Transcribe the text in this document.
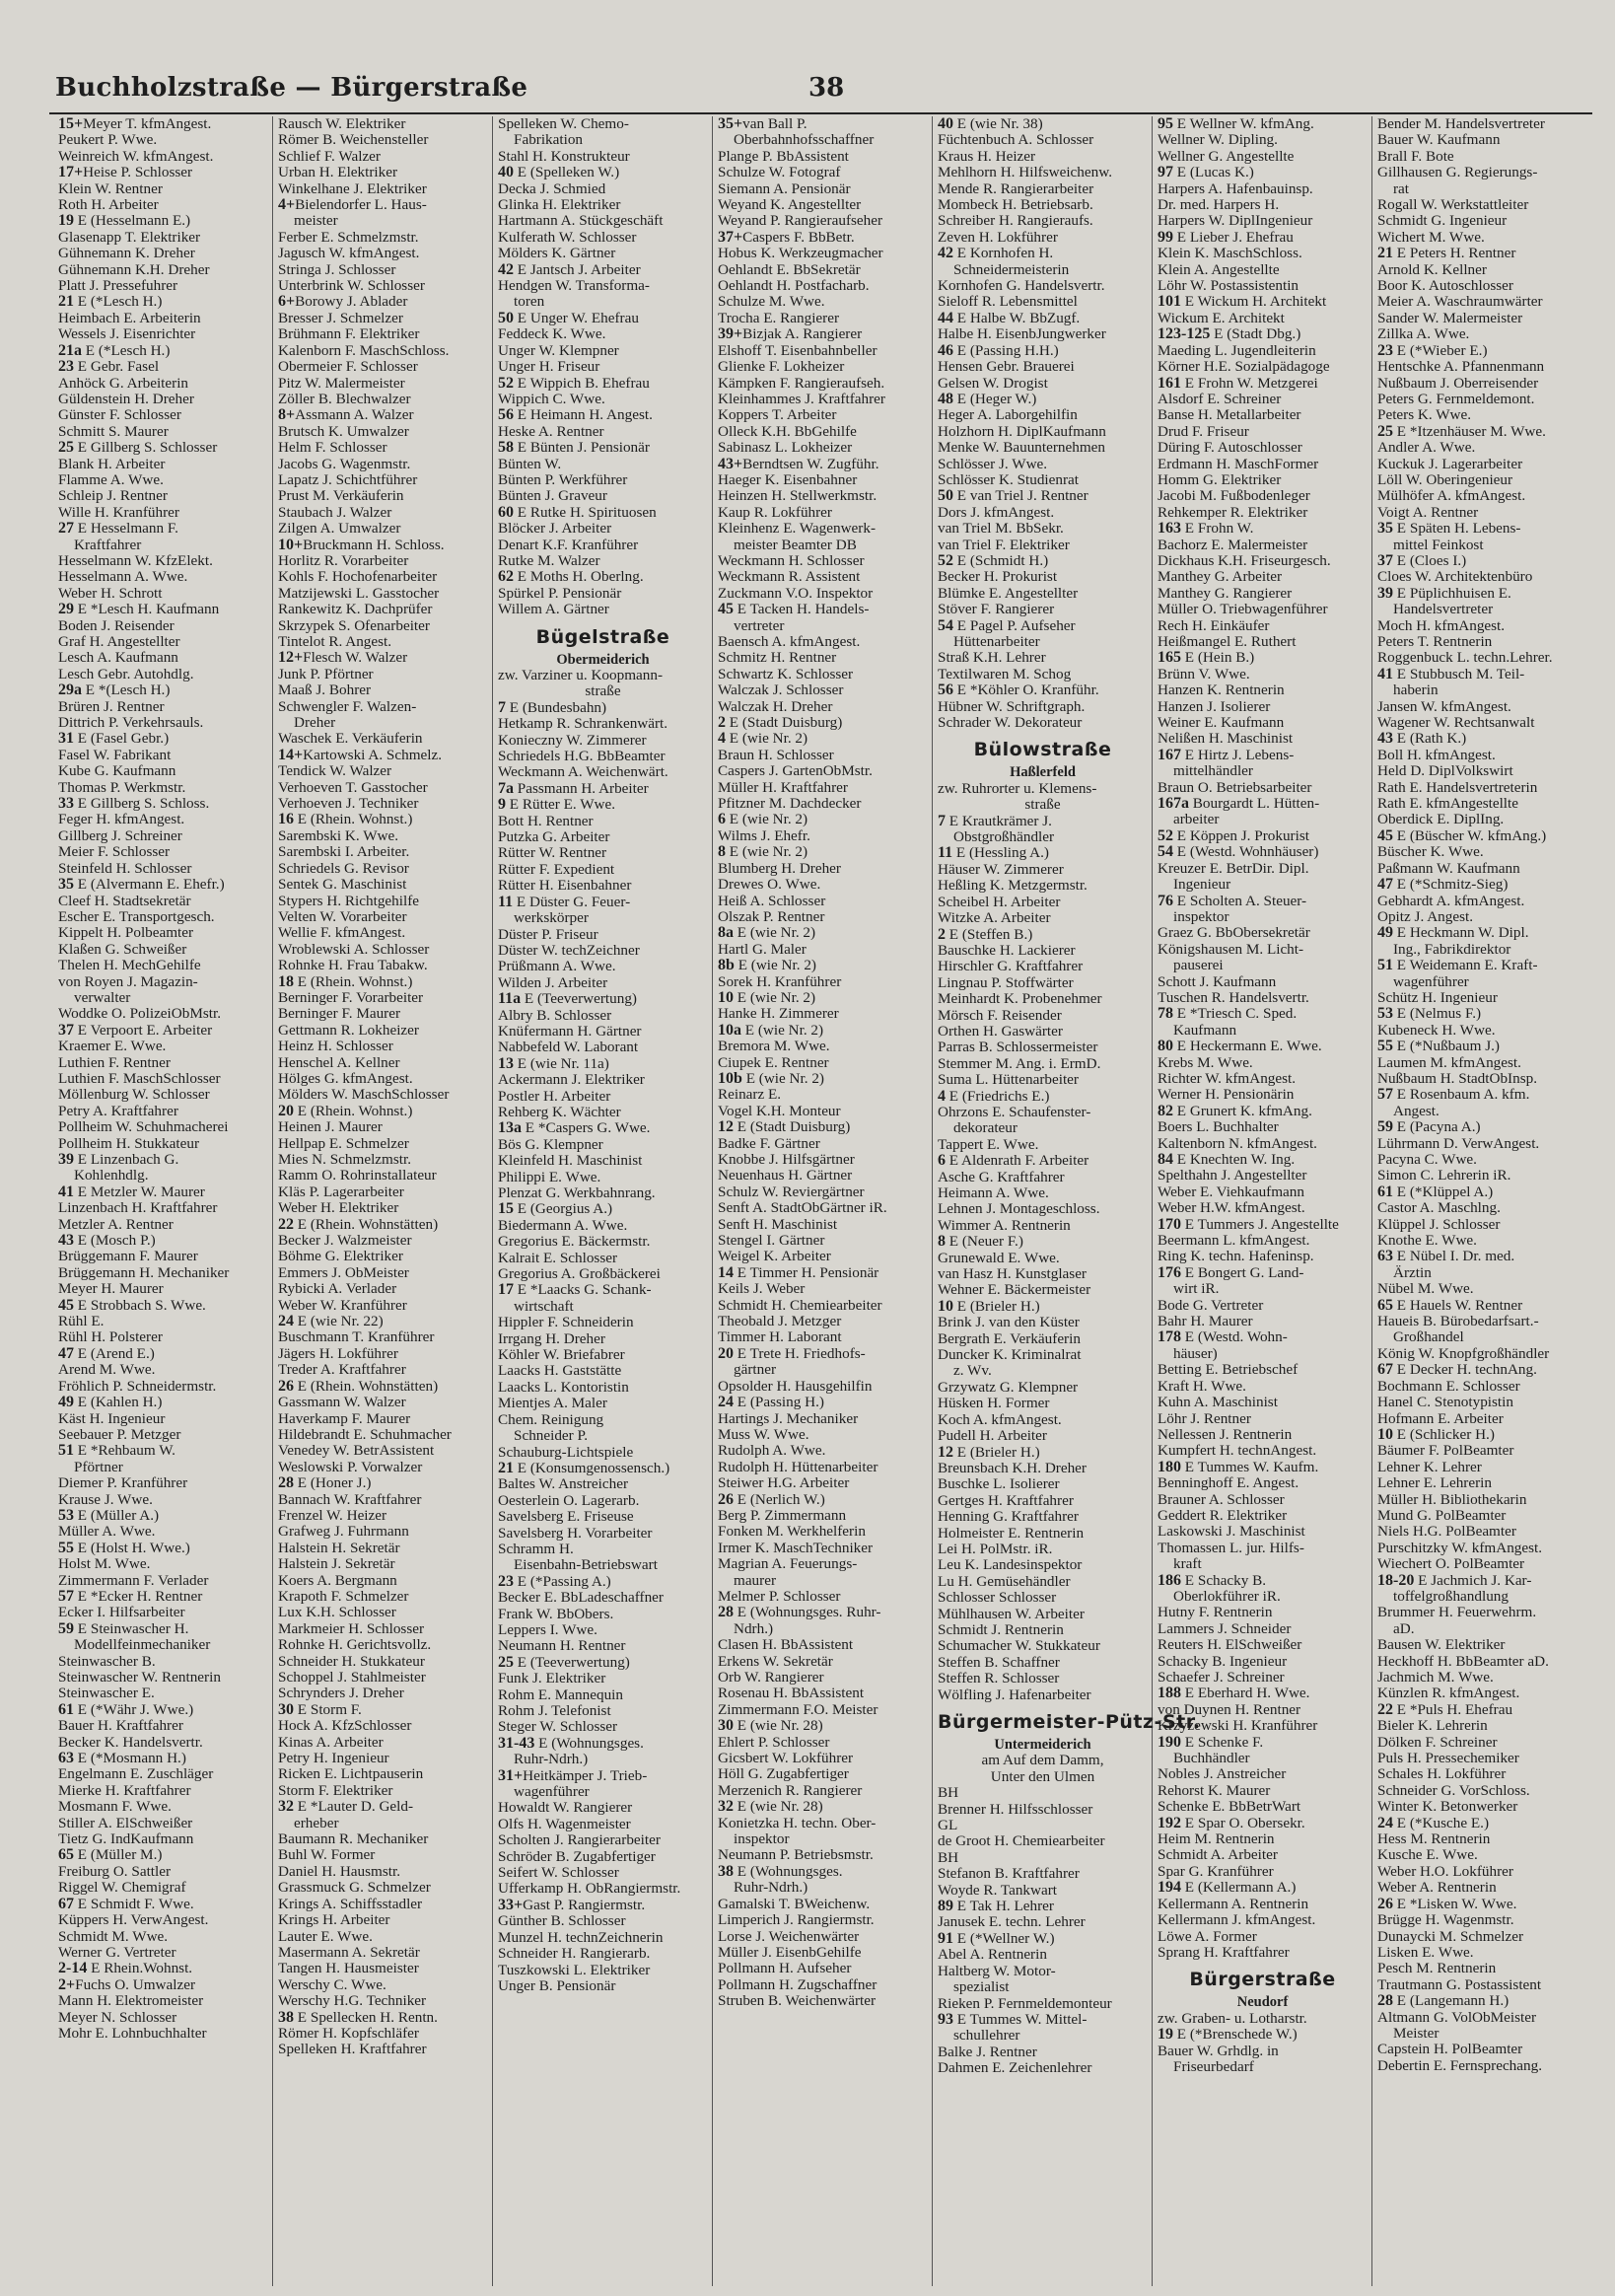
Buchholzstraße — Bürgerstraße	38
15+Meyer T. kfmAngest.
Peukert P. Wwe.
Weinreich W. kfmAngest.
17+Heise P. Schlosser
Klein W. Rentner
Roth H. Arbeiter
19 E (Hesselmann E.)
Glasenapp T. Elektriker
Gühnemann K. Dreher
Gühnemann K.H. Dreher
Platt J. Pressefuhrer
21 E (*Lesch H.)
Heimbach E. Arbeiterin
Wessels J. Eisenrichter
21a E (*Lesch H.)
23 E Gebr. Fasel
Anhöck G. Arbeiterin
Güldenstein H. Dreher
Günster F. Schlosser
Schmitt S. Maurer
25 E Gillberg S. Schlosser
Blank H. Arbeiter
Flamme A. Wwe.
Schleip J. Rentner
Wille H. Kranführer
27 E Hesselmann F.
Kraftfahrer
Hesselmann W. KfzElekt.
Hesselmann A. Wwe.
Weber H. Schrott
29 E *Lesch H. Kaufmann
Boden J. Reisender
Graf H. Angestellter
Lesch A. Kaufmann
Lesch Gebr. Autohdlg.
29a E *(Lesch H.)
Brüren J. Rentner
Dittrich P. Verkehrsauls.
31 E (Fasel Gebr.)
Fasel W. Fabrikant
Kube G. Kaufmann
Thomas P. Werkmstr.
33 E Gillberg S. Schloss.
Feger H. kfmAngest.
Gillberg J. Schreiner
Meier F. Schlosser
Steinfeld H. Schlosser
35 E (Alvermann E. Ehefr.)
Cleef H. Stadtsekretär
Escher E. Transportgesch.
Kippelt H. Polbeamter
Klaßen G. Schweißer
Thelen H. MechGehilfe
von Royen J. Magazin-
verwalter
Woddke O. PolizeiObMstr.
37 E Verpoort E. Arbeiter
Kraemer E. Wwe.
Luthien F. Rentner
Luthien F. MaschSchlosser
Möllenburg W. Schlosser
Petry A. Kraftfahrer
Pollheim W. Schuhmacherei
Pollheim H. Stukkateur
39 E Linzenbach G.
Kohlenhdlg.
41 E Metzler W. Maurer
Linzenbach H. Kraftfahrer
Metzler A. Rentner
43 E (Mosch P.)
Brüggemann F. Maurer
Brüggemann H. Mechaniker
Meyer H. Maurer
45 E Strobbach S. Wwe.
Rühl E.
Rühl H. Polsterer
47 E (Arend E.)
Arend M. Wwe.
Fröhlich P. Schneidermstr.
49 E (Kahlen H.)
Käst H. Ingenieur
Seebauer P. Metzger
51 E *Rehbaum W.
Pförtner
Diemer P. Kranführer
Krause J. Wwe.
53 E (Müller A.)
Müller A. Wwe.
55 E (Holst H. Wwe.)
Holst M. Wwe.
Zimmermann F. Verlader
57 E *Ecker H. Rentner
Ecker I. Hilfsarbeiter
59 E Steinwascher H.
Modellfeinmechaniker
Steinwascher B.
Steinwascher W. Rentnerin
Steinwascher E.
61 E (*Währ J. Wwe.)
Bauer H. Kraftfahrer
Becker K. Handelsvertr.
63 E (*Mosmann H.)
Engelmann E. Zuschläger
Mierke H. Kraftfahrer
Mosmann F. Wwe.
Stiller A. ElSchweißer
Tietz G. IndKaufmann
65 E (Müller M.)
Freiburg O. Sattler
Riggel W. Chemigraf
67 E Schmidt F. Wwe.
Küppers H. VerwAngest.
Schmidt M. Wwe.
Werner G. Vertreter
2-14 E Rhein.Wohnst.
2+Fuchs O. Umwalzer
Mann H. Elektromeister
Meyer N. Schlosser
Mohr E. Lohnbuchhalter
Rausch W. Elektriker
Römer B. Weichensteller
Schlief F. Walzer
Urban H. Elektriker
Winkelhane J. Elektriker
4+Bielendorfer L. Haus-
meister
Ferber E. Schmelzmstr.
Jagusch W. kfmAngest.
Stringa J. Schlosser
Unterbrink W. Schlosser
6+Borowy J. Ablader
Bresser J. Schmelzer
Brühmann F. Elektriker
Kalenborn F. MaschSchloss.
Obermeier F. Schlosser
Pitz W. Malermeister
Zöller B. Blechwalzer
8+Assmann A. Walzer
Brutsch K. Umwalzer
Helm F. Schlosser
Jacobs G. Wagenmstr.
Lapatz J. Schichtführer
Prust M. Verkäuferin
Staubach J. Walzer
Zilgen A. Umwalzer
10+Bruckmann H. Schloss.
Horlitz R. Vorarbeiter
Kohls F. Hochofenarbeiter
Matzijewski L. Gasstocher
Rankewitz K. Dachprüfer
Skrzypek S. Ofenarbeiter
Tintelot R. Angest.
12+Flesch W. Walzer
Junk P. Pförtner
Maaß J. Bohrer
Schwengler F. Walzen-
Dreher
Waschek E. Verkäuferin
14+Kartowski A. Schmelz.
Tendick W. Walzer
Verhoeven T. Gasstocher
Verhoeven J. Techniker
16 E (Rhein. Wohnst.)
Sarembski K. Wwe.
Sarembski I. Arbeiter.
Schriedels G. Revisor
Sentek G. Maschinist
Stypers H. Richtgehilfe
Velten W. Vorarbeiter
Wellie F. kfmAngest.
Wroblewski A. Schlosser
Rohnke H. Frau Tabakw.
18 E (Rhein. Wohnst.)
Berninger F. Vorarbeiter
Berninger F. Maurer
Gettmann R. Lokheizer
Heinz H. Schlosser
Henschel A. Kellner
Hölges G. kfmAngest.
Mölders W. MaschSchlosser
20 E (Rhein. Wohnst.)
Heinen J. Maurer
Hellpap E. Schmelzer
Mies N. Schmelzmstr.
Ramm O. Rohrinstallateur
Kläs P. Lagerarbeiter
Weber H. Elektriker
22 E (Rhein. Wohnstätten)
Becker J. Walzmeister
Böhme G. Elektriker
Emmers J. ObMeister
Rybicki A. Verlader
Weber W. Kranführer
24 E (wie Nr. 22)
Buschmann T. Kranführer
Jägers H. Lokführer
Treder A. Kraftfahrer
26 E (Rhein. Wohnstätten)
Gassmann W. Walzer
Haverkamp F. Maurer
Hildebrandt E. Schuhmacher
Venedey W. BetrAssistent
Weslowski P. Vorwalzer
28 E (Honer J.)
Bannach W. Kraftfahrer
Frenzel W. Heizer
Grafweg J. Fuhrmann
Halstein H. Sekretär
Halstein J. Sekretär
Koers A. Bergmann
Krapoth F. Schmelzer
Lux K.H. Schlosser
Markmeier H. Schlosser
Rohnke H. Gerichtsvollz.
Schneider H. Stukkateur
Schoppel J. Stahlmeister
Schrynders J. Dreher
30 E Storm F.
Hock A. KfzSchlosser
Kinas A. Arbeiter
Petry H. Ingenieur
Ricken E. Lichtpauserin
Storm F. Elektriker
32 E *Lauter D. Geld-
erheber
Baumann R. Mechaniker
Buhl W. Former
Daniel H. Hausmstr.
Grassmuck G. Schmelzer
Krings A. Schiffsstadler
Krings H. Arbeiter
Lauter E. Wwe.
Masermann A. Sekretär
Tangen H. Hausmeister
Werschy C. Wwe.
Werschy H.G. Techniker
38 E Spellecken H. Rentn.
Römer H. Kopfschläfer
Spelleken H. Kraftfahrer
Spelleken W. Chemo-
Fabrikation
Stahl H. Konstrukteur
40 E (Spelleken W.)
Decka J. Schmied
Glinka H. Elektriker
Hartmann A. Stückgeschäft
Kulferath W. Schlosser
Mölders K. Gärtner
42 E Jantsch J. Arbeiter
Hendgen W. Transforma-
toren
50 E Unger W. Ehefrau
Feddeck K. Wwe.
Unger W. Klempner
Unger H. Friseur
52 E Wippich B. Ehefrau
Wippich C. Wwe.
56 E Heimann H. Angest.
Heske A. Rentner
58 E Bünten J. Pensionär
Bünten W.
Bünten P. Werkführer
Bünten J. Graveur
60 E Rutke H. Spirituosen
Blöcker J. Arbeiter
Denart K.F. Kranführer
Rutke M. Walzer
62 E Moths H. Oberlng.
Spürkel P. Pensionär
Willem A. Gärtner
Bügelstraße
Obermeiderich
zw. Varziner u. Koopmann-
straße
7 E (Bundesbahn)
Hetkamp R. Schrankenwärt.
Konieczny W. Zimmerer
Schriedels H.G. BbBeamter
Weckmann A. Weichenwärt.
7a Passmann H. Arbeiter
9 E Rütter E. Wwe.
Bott H. Rentner
Putzka G. Arbeiter
Rütter W. Rentner
Rütter F. Expedient
Rütter H. Eisenbahner
11 E Düster G. Feuer-
werkskörper
Düster P. Friseur
Düster W. techZeichner
Prüßmann A. Wwe.
Wilden J. Arbeiter
11a E (Teeverwertung)
Albry B. Schlosser
Knüfermann H. Gärtner
Nabbefeld W. Laborant
13 E (wie Nr. 11a)
Ackermann J. Elektriker
Postler H. Arbeiter
Rehberg K. Wächter
13a E *Caspers G. Wwe.
Bös G. Klempner
Kleinfeld H. Maschinist
Philippi E. Wwe.
Plenzat G. Werkbahnrang.
15 E (Georgius A.)
Biedermann A. Wwe.
Gregorius E. Bäckermstr.
Kalrait E. Schlosser
Gregorius A. Großbäckerei
17 E *Laacks G. Schank-
wirtschaft
Hippler F. Schneiderin
Irrgang H. Dreher
Köhler W. Briefabrer
Laacks H. Gaststätte
Laacks L. Kontoristin
Mientjes A. Maler
Chem. Reinigung
Schneider P.
Schauburg-Lichtspiele
21 E (Konsumgenossensch.)
Baltes W. Anstreicher
Oesterlein O. Lagerarb.
Savelsberg E. Friseuse
Savelsberg H. Vorarbeiter
Schramm H.
Eisenbahn-Betriebswart
23 E (*Passing A.)
Becker E. BbLadeschaffner
Frank W. BbObers.
Leppers I. Wwe.
Neumann H. Rentner
25 E (Teeverwertung)
Funk J. Elektriker
Rohm E. Mannequin
Rohm J. Telefonist
Steger W. Schlosser
31-43 E (Wohnungsges.
Ruhr-Ndrh.)
31+Heitkämper J. Trieb-
wagenführer
Howaldt W. Rangierer
Olfs H. Wagenmeister
Scholten J. Rangierarbeiter
Schröder B. Zugabfertiger
Seifert W. Schlosser
Ufferkamp H. ObRangiermstr.
33+Gast P. Rangiermstr.
Günther B. Schlosser
Munzel H. technZeichnerin
Schneider H. Rangierarb.
Tuszkowski L. Elektriker
Unger B. Pensionär
35+van Ball P.
Oberbahnhofsschaffner
Plange P. BbAssistent
Schulze W. Fotograf
Siemann A. Pensionär
Weyand K. Angestellter
Weyand P. Rangieraufseher
37+Caspers F. BbBetr.
Hobus K. Werkzeugmacher
Oehlandt E. BbSekretär
Oehlandt H. Postfacharb.
Schulze M. Wwe.
Trocha E. Rangierer
39+Bizjak A. Rangierer
Elshoff T. Eisenbahnbeller
Glienke F. Lokheizer
Kämpken F. Rangieraufseh.
Kleinhammes J. Kraftfahrer
Koppers T. Arbeiter
Olleck K.H. BbGehilfe
Sabinasz L. Lokheizer
43+Berndtsen W. Zugführ.
Haeger K. Eisenbahner
Heinzen H. Stellwerkmstr.
Kaup R. Lokführer
Kleinhenz E. Wagenwerk-
meister Beamter DB
Weckmann H. Schlosser
Weckmann R. Assistent
Zuckmann V.O. Inspektor
45 E Tacken H. Handels-
vertreter
Baensch A. kfmAngest.
Schmitz H. Rentner
Schwartz K. Schlosser
Walczak J. Schlosser
Walczak H. Dreher
2 E (Stadt Duisburg)
4 E (wie Nr. 2)
Braun H. Schlosser
Caspers J. GartenObMstr.
Müller H. Kraftfahrer
Pfitzner M. Dachdecker
6 E (wie Nr. 2)
Wilms J. Ehefr.
8 E (wie Nr. 2)
Blumberg H. Dreher
Drewes O. Wwe.
Heiß A. Schlosser
Olszak P. Rentner
8a E (wie Nr. 2)
Hartl G. Maler
8b E (wie Nr. 2)
Sorek H. Kranführer
10 E (wie Nr. 2)
Hanke H. Zimmerer
10a E (wie Nr. 2)
Bremora M. Wwe.
Ciupek E. Rentner
10b E (wie Nr. 2)
Reinarz E.
Vogel K.H. Monteur
12 E (Stadt Duisburg)
Badke F. Gärtner
Knobbe J. Hilfsgärtner
Neuenhaus H. Gärtner
Schulz W. Reviergärtner
Senft A. StadtObGärtner iR.
Senft H. Maschinist
Stengel I. Gärtner
Weigel K. Arbeiter
14 E Timmer H. Pensionär
Keils J. Weber
Schmidt H. Chemiearbeiter
Theobald J. Metzger
Timmer H. Laborant
20 E Trete H. Friedhofs-
gärtner
Opsolder H. Hausgehilfin
24 E (Passing H.)
Hartings J. Mechaniker
Muss W. Wwe.
Rudolph A. Wwe.
Rudolph H. Hüttenarbeiter
Steiwer H.G. Arbeiter
26 E (Nerlich W.)
Berg P. Zimmermann
Fonken M. Werkhelferin
Irmer K. MaschTechniker
Magrian A. Feuerungs-
maurer
Melmer P. Schlosser
28 E (Wohnungsges. Ruhr-
Ndrh.)
Clasen H. BbAssistent
Erkens W. Sekretär
Orb W. Rangierer
Rosenau H. BbAssistent
Zimmermann F.O. Meister
30 E (wie Nr. 28)
Ehlert P. Schlosser
Gicsbert W. Lokführer
Höll G. Zugabfertiger
Merzenich R. Rangierer
32 E (wie Nr. 28)
Konietzka H. techn. Ober-
inspektor
Neumann P. Betriebsmstr.
38 E (Wohnungsges.
Ruhr-Ndrh.)
Gamalski T. BWeichenw.
Limperich J. Rangiermstr.
Lorse J. Weichenwärter
Müller J. EisenbGehilfe
Pollmann H. Aufseher
Pollmann H. Zugschaffner
Struben B. Weichenwärter
40 E (wie Nr. 38)
Füchtenbuch A. Schlosser
Kraus H. Heizer
Mehlhorn H. Hilfsweichenw.
Mende R. Rangierarbeiter
Mombeck H. Betriebsarb.
Schreiber H. Rangieraufs.
Zeven H. Lokführer
42 E Kornhofen H.
Schneidermeisterin
Kornhofen G. Handelsvertr.
Sieloff R. Lebensmittel
44 E Halbe W. BbZugf.
Halbe H. EisenbJungwerker
46 E (Passing H.H.)
Hensen Gebr. Brauerei
Gelsen W. Drogist
48 E (Heger W.)
Heger A. Laborgehilfin
Holzhorn H. DiplKaufmann
Menke W. Bauunternehmen
Schlösser J. Wwe.
Schlösser K. Studienrat
50 E van Triel J. Rentner
Dors J. kfmAngest.
van Triel M. BbSekr.
van Triel F. Elektriker
52 E (Schmidt H.)
Becker H. Prokurist
Blümke E. Angestellter
Stöver F. Rangierer
54 E Pagel P. Aufseher
Hüttenarbeiter
Straß K.H. Lehrer
Textilwaren M. Schog
56 E *Köhler O. Kranführ.
Hübner W. Schriftgraph.
Schrader W. Dekorateur
Bülowstraße
Haßlerfeld
zw. Ruhrorter u. Klemens-
straße
7 E Krautkrämer J.
Obstgroßhändler
11 E (Hessling A.)
Häuser W. Zimmerer
Heßling K. Metzgermstr.
Scheibel H. Arbeiter
Witzke A. Arbeiter
2 E (Steffen B.)
Bauschke H. Lackierer
Hirschler G. Kraftfahrer
Lingnau P. Stoffwärter
Meinhardt K. Probenehmer
Mörsch F. Reisender
Orthen H. Gaswärter
Parras B. Schlossermeister
Stemmer M. Ang. i. ErmD.
Suma L. Hüttenarbeiter
4 E (Friedrichs E.)
Ohrzons E. Schaufenster-
dekorateur
Tappert E. Wwe.
6 E Aldenrath F. Arbeiter
Asche G. Kraftfahrer
Heimann A. Wwe.
Lehnen J. Montageschloss.
Wimmer A. Rentnerin
8 E (Neuer F.)
Grunewald E. Wwe.
van Hasz H. Kunstglaser
Wehner E. Bäckermeister
10 E (Brieler H.)
Brink J. van den Küster
Bergrath E. Verkäuferin
Duncker K. Kriminalrat
z. Wv.
Grzywatz G. Klempner
Hüsken H. Former
Koch A. kfmAngest.
Pudell H. Arbeiter
12 E (Brieler H.)
Breunsbach K.H. Dreher
Buschke L. Isolierer
Gertges H. Kraftfahrer
Henning G. Kraftfahrer
Holmeister E. Rentnerin
Lei H. PolMstr. iR.
Leu K. Landesinspektor
Lu H. Gemüsehändler
Schlosser Schlosser
Mühlhausen W. Arbeiter
Schmidt J. Rentnerin
Schumacher W. Stukkateur
Steffen B. Schaffner
Steffen R. Schlosser
Wölfling J. Hafenarbeiter
Bürgermeister-Pütz-Str.
Untermeiderich
am Auf dem Damm,
Unter den Ulmen
BH
Brenner H. Hilfsschlosser
GL
de Groot H. Chemiearbeiter
BH
Stefanon B. Kraftfahrer
Woyde R. Tankwart
89 E Tak H. Lehrer
Janusek E. techn. Lehrer
91 E (*Wellner W.)
Abel A. Rentnerin
Haltberg W. Motor-
spezialist
Rieken P. Fernmeldemonteur
93 E Tummes W. Mittel-
schullehrer
Balke J. Rentner
Dahmen E. Zeichenlehrer
95 E Wellner W. kfmAng.
Wellner W. Dipling.
Wellner G. Angestellte
97 E (Lucas K.)
Harpers A. Hafenbauinsp.
Dr. med. Harpers H.
Harpers W. DiplIngenieur
99 E Lieber J. Ehefrau
Klein K. MaschSchloss.
Klein A. Angestellte
Löhr W. Postassistentin
101 E Wickum H. Architekt
Wickum E. Architekt
123-125 E (Stadt Dbg.)
Maeding L. Jugendleiterin
Körner H.E. Sozialpädagoge
161 E Frohn W. Metzgerei
Alsdorf E. Schreiner
Banse H. Metallarbeiter
Drud F. Friseur
Düring F. Autoschlosser
Erdmann H. MaschFormer
Homm G. Elektriker
Jacobi M. Fußbodenleger
Rehkemper R. Elektriker
163 E Frohn W.
Bachorz E. Malermeister
Dickhaus K.H. Friseurgesch.
Manthey G. Arbeiter
Manthey G. Rangierer
Müller O. Triebwagenführer
Rech H. Einkäufer
Heißmangel E. Ruthert
165 E (Hein B.)
Brünn V. Wwe.
Hanzen K. Rentnerin
Hanzen J. Isolierer
Weiner E. Kaufmann
Nelißen H. Maschinist
167 E Hirtz J. Lebens-
mittelhändler
Braun O. Betriebsarbeiter
167a Bourgardt L. Hütten-
arbeiter
52 E Köppen J. Prokurist
54 E (Westd. Wohnhäuser)
Kreuzer E. BetrDir. Dipl.
Ingenieur
76 E Scholten A. Steuer-
inspektor
Graez G. BbObersekretär
Königshausen M. Licht-
pauserei
Schott J. Kaufmann
Tuschen R. Handelsvertr.
78 E *Triesch C. Sped.
Kaufmann
80 E Heckermann E. Wwe.
Krebs M. Wwe.
Richter W. kfmAngest.
Werner H. Pensionärin
82 E Grunert K. kfmAng.
Boers L. Buchhalter
Kaltenborn N. kfmAngest.
84 E Knechten W. Ing.
Spelthahn J. Angestellter
Weber E. Viehkaufmann
Weber H.W. kfmAngest.
170 E Tummers J. Angestellte
Beermann L. kfmAngest.
Ring K. techn. Hafeninsp.
176 E Bongert G. Land-
wirt iR.
Bode G. Vertreter
Bahr H. Maurer
178 E (Westd. Wohn-
häuser)
Betting E. Betriebschef
Kraft H. Wwe.
Kuhn A. Maschinist
Löhr J. Rentner
Nellessen J. Rentnerin
Kumpfert H. technAngest.
180 E Tummes W. Kaufm.
Benninghoff E. Angest.
Brauner A. Schlosser
Geddert R. Elektriker
Laskowski J. Maschinist
Thomassen L. jur. Hilfs-
kraft
186 E Schacky B.
Oberlokführer iR.
Hutny F. Rentnerin
Lammers J. Schneider
Reuters H. ElSchweißer
Schacky B. Ingenieur
Schaefer J. Schreiner
188 E Eberhard H. Wwe.
von Duynen H. Rentner
Krzyzewski H. Kranführer
190 E Schenke F.
Buchhändler
Nobles J. Anstreicher
Rehorst K. Maurer
Schenke E. BbBetrWart
192 E Spar O. Obersekr.
Heim M. Rentnerin
Schmidt A. Arbeiter
Spar G. Kranführer
194 E (Kellermann A.)
Kellermann A. Rentnerin
Kellermann J. kfmAngest.
Löwe A. Former
Sprang H. Kraftfahrer
Bürgerstraße
Neudorf
zw. Graben- u. Lotharstr.
19 E (*Brenschede W.)
Bauer W. Grhdlg. in
Friseurbedarf
Bender M. Handelsvertreter
Bauer W. Kaufmann
Brall F. Bote
Gillhausen G. Regierungs-
rat
Rogall W. Werkstattleiter
Schmidt G. Ingenieur
Wichert M. Wwe.
21 E Peters H. Rentner
Arnold K. Kellner
Boor K. Autoschlosser
Meier A. Waschraumwärter
Sander W. Malermeister
Zillka A. Wwe.
23 E (*Wieber E.)
Hentschke A. Pfannenmann
Nußbaum J. Oberreisender
Peters G. Fernmeldemont.
Peters K. Wwe.
25 E *Itzenhäuser M. Wwe.
Andler A. Wwe.
Kuckuk J. Lagerarbeiter
Löll W. Oberingenieur
Mülhöfer A. kfmAngest.
Voigt A. Rentner
35 E Späten H. Lebens-
mittel Feinkost
37 E (Cloes I.)
Cloes W. Architektenbüro
39 E Püplichhuisen E.
Handelsvertreter
Moch H. kfmAngest.
Peters T. Rentnerin
Roggenbuck L. techn.Lehrer.
41 E Stubbusch M. Teil-
haberin
Jansen W. kfmAngest.
Wagener W. Rechtsanwalt
43 E (Rath K.)
Boll H. kfmAngest.
Held D. DiplVolkswirt
Rath E. Handelsvertreterin
Rath E. kfmAngestellte
Oberdick E. DiplIng.
45 E (Büscher W. kfmAng.)
Büscher K. Wwe.
Paßmann W. Kaufmann
47 E (*Schmitz-Sieg)
Gebhardt A. kfmAngest.
Opitz J. Angest.
49 E Heckmann W. Dipl.
Ing., Fabrikdirektor
51 E Weidemann E. Kraft-
wagenführer
Schütz H. Ingenieur
53 E (Nelmus F.)
Kubeneck H. Wwe.
55 E (*Nußbaum J.)
Laumen M. kfmAngest.
Nußbaum H. StadtObInsp.
57 E Rosenbaum A. kfm.
Angest.
59 E (Pacyna A.)
Lührmann D. VerwAngest.
Pacyna C. Wwe.
Simon C. Lehrerin iR.
61 E (*Klüppel A.)
Castor A. Maschlng.
Klüppel J. Schlosser
Knothe E. Wwe.
63 E Nübel I. Dr. med.
Ärztin
Nübel M. Wwe.
65 E Hauels W. Rentner
Haueis B. Bürobedarfsart.-
Großhandel
König W. Knopfgroßhändler
67 E Decker H. technAng.
Bochmann E. Schlosser
Hanel C. Stenotypistin
Hofmann E. Arbeiter
10 E (Schlicker H.)
Bäumer F. PolBeamter
Lehner K. Lehrer
Lehner E. Lehrerin
Müller H. Bibliothekarin
Mund G. PolBeamter
Niels H.G. PolBeamter
Purschitzky W. kfmAngest.
Wiechert O. PolBeamter
18-20 E Jachmich J. Kar-
toffelgroßhandlung
Brummer H. Feuerwehrm.
aD.
Bausen W. Elektriker
Heckhoff H. BbBeamter aD.
Jachmich M. Wwe.
Künzlen R. kfmAngest.
22 E *Puls H. Ehefrau
Bieler K. Lehrerin
Dölken F. Schreiner
Puls H. Pressechemiker
Schales H. Lokführer
Schneider G. VorSchloss.
Winter K. Betonwerker
24 E (*Kusche E.)
Hess M. Rentnerin
Kusche E. Wwe.
Weber H.O. Lokführer
Weber A. Rentnerin
26 E *Lisken W. Wwe.
Brügge H. Wagenmstr.
Dunaycki M. Schmelzer
Lisken E. Wwe.
Pesch M. Rentnerin
Trautmann G. Postassistent
28 E (Langemann H.)
Altmann G. VolObMeister
Meister
Capstein H. PolBeamter
Debertin E. Fernsprechang.
